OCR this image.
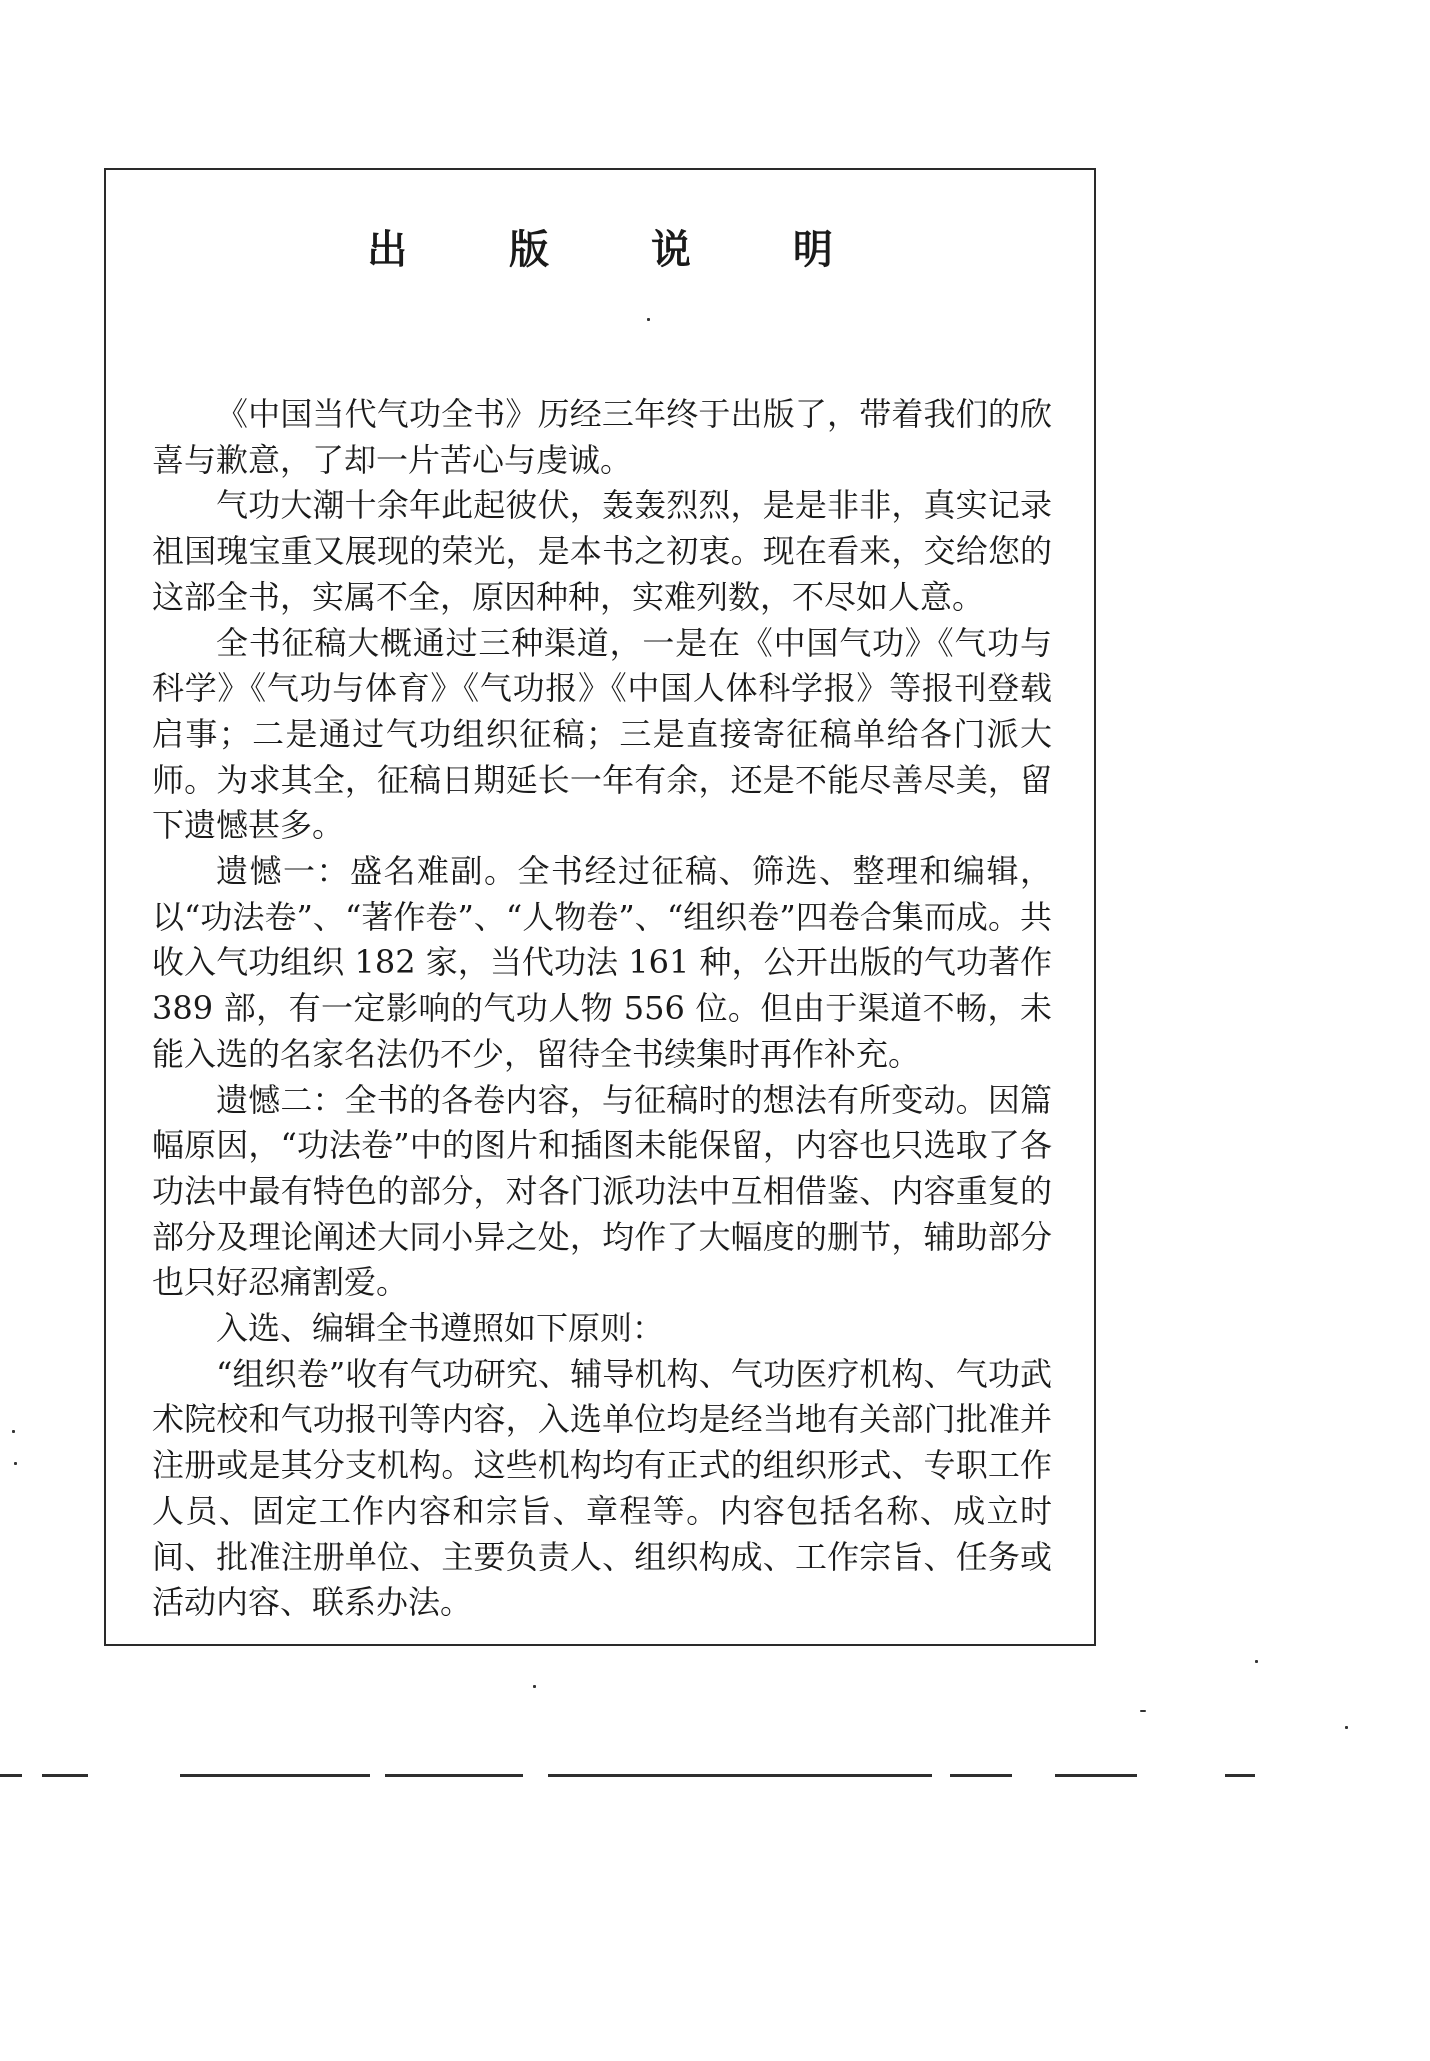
出 版 说 明

《中国当代气功全书》历经三年终于出版了，带着我们的欣喜与歉意，了却一片苦心与虔诚。

气功大潮十余年此起彼伏，轰轰烈烈，是是非非，真实记录祖国瑰宝重又展现的荣光，是本书之初衷。现在看来，交给您的这部全书，实属不全，原因种种，实难列数，不尽如人意。

全书征稿大概通过三种渠道，一是在《中国气功》《气功与科学》《气功与体育》《气功报》《中国人体科学报》等报刊登载启事；二是通过气功组织征稿；三是直接寄征稿单给各门派大师。为求其全，征稿日期延长一年有余，还是不能尽善尽美，留下遗憾甚多。

遗憾一：盛名难副。全书经过征稿、筛选、整理和编辑，以“功法卷”、“著作卷”、“人物卷”、“组织卷”四卷合集而成。共收入气功组织 182 家，当代功法 161 种，公开出版的气功著作 389 部，有一定影响的气功人物 556 位。但由于渠道不畅，未能入选的名家名法仍不少，留待全书续集时再作补充。

遗憾二：全书的各卷内容，与征稿时的想法有所变动。因篇幅原因，“功法卷”中的图片和插图未能保留，内容也只选取了各功法中最有特色的部分，对各门派功法中互相借鉴、内容重复的部分及理论阐述大同小异之处，均作了大幅度的删节，辅助部分也只好忍痛割爱。

入选、编辑全书遵照如下原则：

“组织卷”收有气功研究、辅导机构、气功医疗机构、气功武术院校和气功报刊等内容，入选单位均是经当地有关部门批准并注册或是其分支机构。这些机构均有正式的组织形式、专职工作人员、固定工作内容和宗旨、章程等。内容包括名称、成立时间、批准注册单位、主要负责人、组织构成、工作宗旨、任务或活动内容、联系办法。
